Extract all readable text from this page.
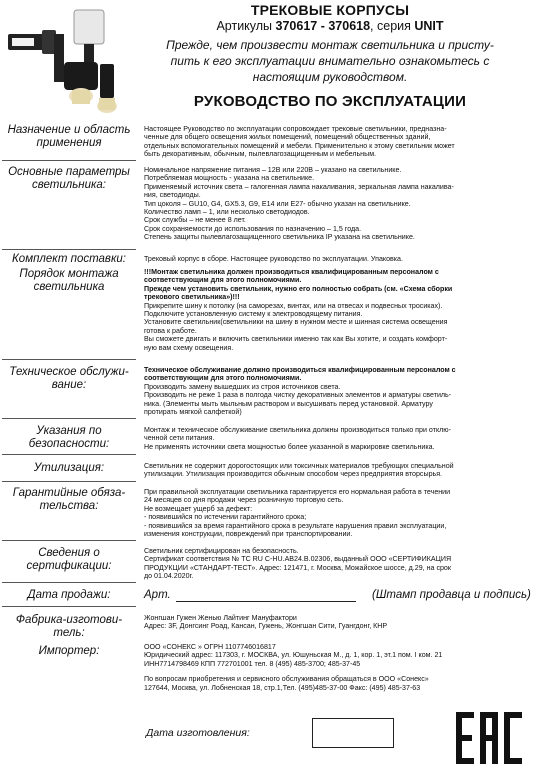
ТРЕКОВЫЕ КОРПУСЫ
Артикулы 370617 - 370618, серия UNIT
Прежде, чем произвести монтаж светильника и присту-
пить к его эксплуатации внимательно ознакомьтесь с
настоящим руководством.
РУКОВОДСТВО ПО ЭКСПЛУАТАЦИИ
Назначение и область применения

Настоящее Руководство по эксплуатации сопровождает трековые светильники, предназна-

ченные для общего освещения жилых помещений, помещений общественных зданий,

отдельных вспомогательных помещений и мебели. Применительно к этому светильник может

быть декоративным, обычным, пылевлагозащищенным и мебельным.

Основные параметры светильника:

Номинальное напряжение питания – 12В или 220В – указано на светильнике.

Потребляемая мощность - указана на светильнике.

Применяемый источник света – галогенная лампа накаливания, зеркальная лампа накалива-

ния, светодиоды.

Тип цоколя – GU10, G4, GX5.3, G9, E14 или E27- обычно указан на светильнике.

Количество ламп – 1, или несколько светодиодов.

Срок службы – не менее 8 лет.

Срок сохраняемости до использования по назначению – 1,5 года.

Степень защиты пылевлагозащищенного светильника IP указана на светильнике.

Комплект поставки:	Трековый корпус в сборе. Настоящее руководство по эксплуатации. Упаковка.

Порядок монтажа светильника

!!!Монтаж светильника должен производиться квалифицированным персоналом с

соответствующим для этого полномочиями.

Прежде чем установить светильник, нужно его полностью собрать (см. «Схема сборки

трекового светильника»)!!!

Прикрепите шину к потолку (на саморезах, винтах, или на отвесах и подвесных тросиках).

Подключите установленную систему к электроводящему питания.

Установите светильник(светильники на шину в нужном месте и шинная система освещения

готова к работе.

Вы сможете двигать и включить светильники именно так как Вы хотите, и создать комфорт-

ную вам схему освещения.

Техническое обслужи-вание:

Техническое обслуживание должно производиться квалифицированным персоналом с

соответствующим для этого полномочиями.

Производить замену вышедших из строя источников света.

Производить не реже 1 раза в полгода чистку декоративных элементов и арматуры светиль-

ника. (Элементы мыть мыльным раствором и высушивать перед установкой. Арматуру

протирать мягкой салфеткой)

Указания по безопасности:

Монтаж и техническое обслуживание светильника должны производиться только при отклю-

ченной сети питания.

Не применять источники света мощностью более указанной в маркировке светильника.

Утилизация:	Светильник не содержит дорогостоящих или токсичных материалов требующих специальной

утилизации. Утилизация производится обычным способом через предприятия вторсырья.

Гарантийные обяза-тельства:

При правильной эксплуатации светильника гарантируется его нормальная работа в течении

24 месяцев со дня продажи через розничную торговую сеть.

Не возмещает ущерб за дефект:

- появившийся по истечении гарантийного срока;

- появившийся за время гарантийного срока в результате нарушения правил эксплуатации,

изменения конструкции, повреждений при транспортировании.

Сведения о сертификации:

Светильник сертифицирован на безопасность.

Сертификат соответствия № ТС RU C-HU.AB24.B.02306, выданный ООО «СЕРТИФИКАЦИЯ

ПРОДУКЦИИ «СТАНДАРТ-ТЕСТ». Адрес: 121471, г. Москва, Можайское шоссе, д.29, на срок

до 01.04.2020г.

Дата продажи:	Арт.	(Штамп продавца и подпись)
Фабрика-изготови-тель:

Жонгшан Гужен Женью Лайтинг Мануфактори

Адрес: 3F, Донгсинг Роад, Кансан, Гужень, Жонгшан Сити, Гуангдонг, КНР

Импортер:	ООО «СОНЕКС » ОГРН 1107746016817

Юридический адрес: 117303, г. МОСКВА, ул. Юшуньская М., д. 1, кор. 1, эт.1 пом. I ком. 21

ИНН7714798469 КПП 772701001 тел. 8 (495) 485-3700; 485-37-45

По вопросам приобретения и сервисного обслуживания обращаться в ООО «Сонекс»

127644, Москва, ул. Лобненская 18, стр.1,Тел. (495)485-37-00 Факс: (495) 485-37-63

Дата изготовления:
